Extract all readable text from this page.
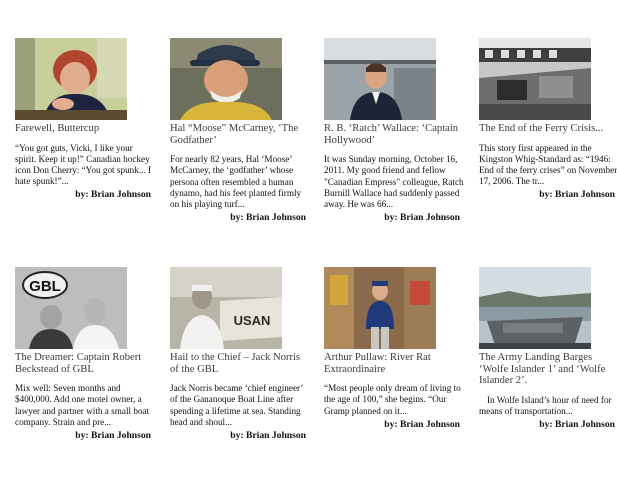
Farewell, Buttercup
“You got guts, Vicki, I like your spirit. Keep it up!” Canadian hockey icon Don Cherry: “You got spunk... I hate spunk!”...
by: Brian Johnson
Hal “Moose” McCarney, ‘The Godfather’
For nearly 82 years, Hal ‘Moose’ McCarney, the ‘godfather’ whose persona often resembled a human dynamo, had his feet planted firmly on his playing turf...
by: Brian Johnson
R. B. ‘Ratch’ Wallace: ‘Captain Hollywood’
It was Sunday morning, October 16, 2011. My good friend and fellow "Canadian Empress" colleague, Ratch Burnill Wallace had suddenly passed away. He was 66...
by: Brian Johnson
The End of the Ferry Crisis...
This story first appeared in the Kingston Whig-Standard as: “1946: End of the ferry crises” on November 17, 2006. The tr...
by: Brian Johnson
GBL
The Dreamer: Captain Robert Beckstead of GBL
Mix well: Seven months and $400,000. Add one motel owner, a lawyer and partner with a small boat company. Strain and pre...
by: Brian Johnson
USAN
Hail to the Chief – Jack Norris of the GBL
Jack Norris became ‘chief engineer’ of the Gananoque Boat Line after spending a lifetime at sea. Standing head and shoul...
by: Brian Johnson
Arthur Pullaw: River Rat Extraordinaire
“Most people only dream of living to the age of 100,” she begins. “Our Gramp planned on it...
by: Brian Johnson
The Army Landing Barges ‘Wolfe Islander 1’ and ‘Wolfe Islander 2’.
In Wolfe Island’s hour of need for means of transportation...
by: Brian Johnson
